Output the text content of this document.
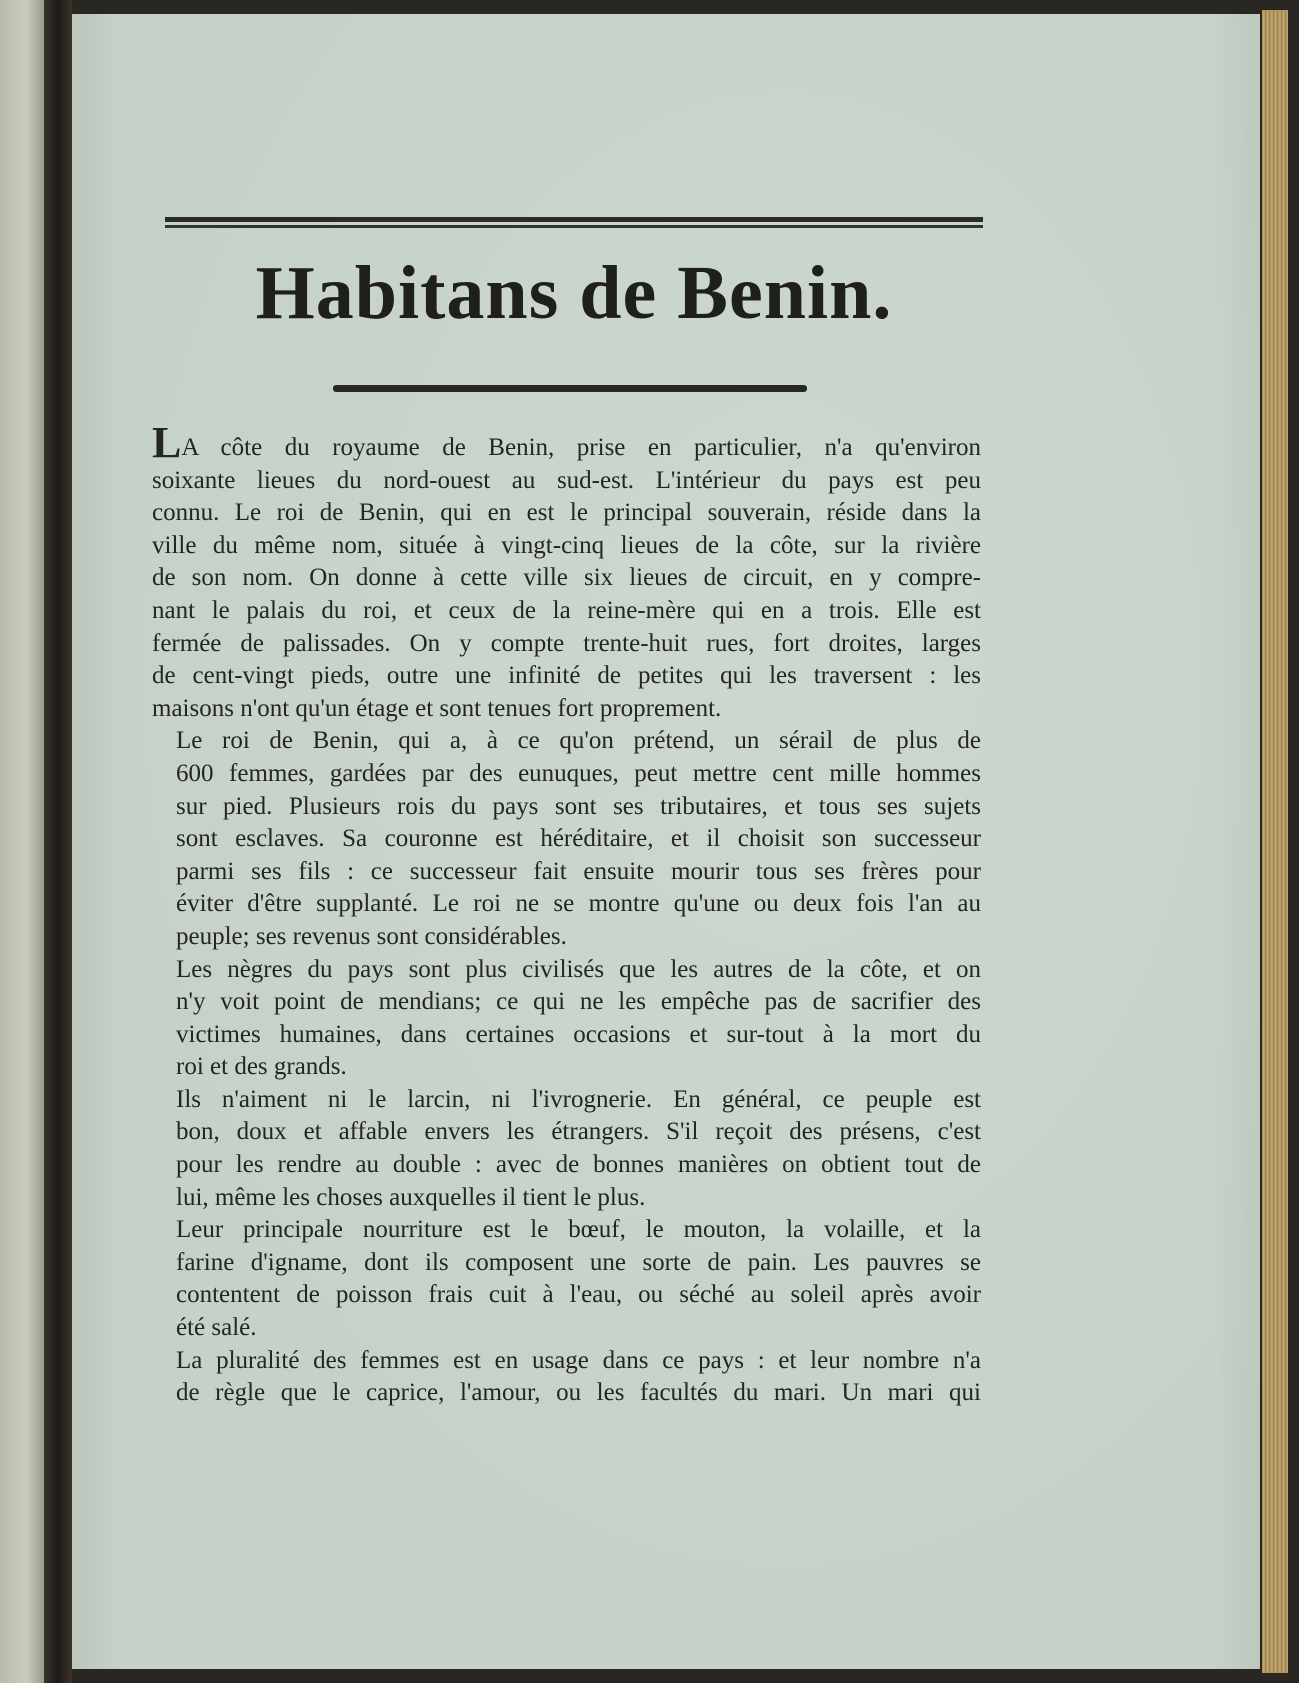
Habitans de Benin.

LA côte du royaume de Benin, prise en particulier, n'a qu'environ
soixante lieues du nord-ouest au sud-est. L'intérieur du pays est peu
connu. Le roi de Benin, qui en est le principal souverain, réside dans la
ville du même nom, située à vingt-cinq lieues de la côte, sur la rivière
de son nom. On donne à cette ville six lieues de circuit, en y compre-
nant le palais du roi, et ceux de la reine-mère qui en a trois. Elle est
fermée de palissades. On y compte trente-huit rues, fort droites, larges
de cent-vingt pieds, outre une infinité de petites qui les traversent : les
maisons n'ont qu'un étage et sont tenues fort proprement.

Le roi de Benin, qui a, à ce qu'on prétend, un sérail de plus de
600 femmes, gardées par des eunuques, peut mettre cent mille hommes
sur pied. Plusieurs rois du pays sont ses tributaires, et tous ses sujets
sont esclaves. Sa couronne est héréditaire, et il choisit son successeur
parmi ses fils : ce successeur fait ensuite mourir tous ses frères pour
éviter d'être supplanté. Le roi ne se montre qu'une ou deux fois l'an au
peuple; ses revenus sont considérables.

Les nègres du pays sont plus civilisés que les autres de la côte, et on
n'y voit point de mendians; ce qui ne les empêche pas de sacrifier des
victimes humaines, dans certaines occasions et sur-tout à la mort du
roi et des grands.

Ils n'aiment ni le larcin, ni l'ivrognerie. En général, ce peuple est
bon, doux et affable envers les étrangers. S'il reçoit des présens, c'est
pour les rendre au double : avec de bonnes manières on obtient tout de
lui, même les choses auxquelles il tient le plus.

Leur principale nourriture est le bœuf, le mouton, la volaille, et la
farine d'igname, dont ils composent une sorte de pain. Les pauvres se
contentent de poisson frais cuit à l'eau, ou séché au soleil après avoir
été salé.

La pluralité des femmes est en usage dans ce pays : et leur nombre n'a
de règle que le caprice, l'amour, ou les facultés du mari. Un mari qui
